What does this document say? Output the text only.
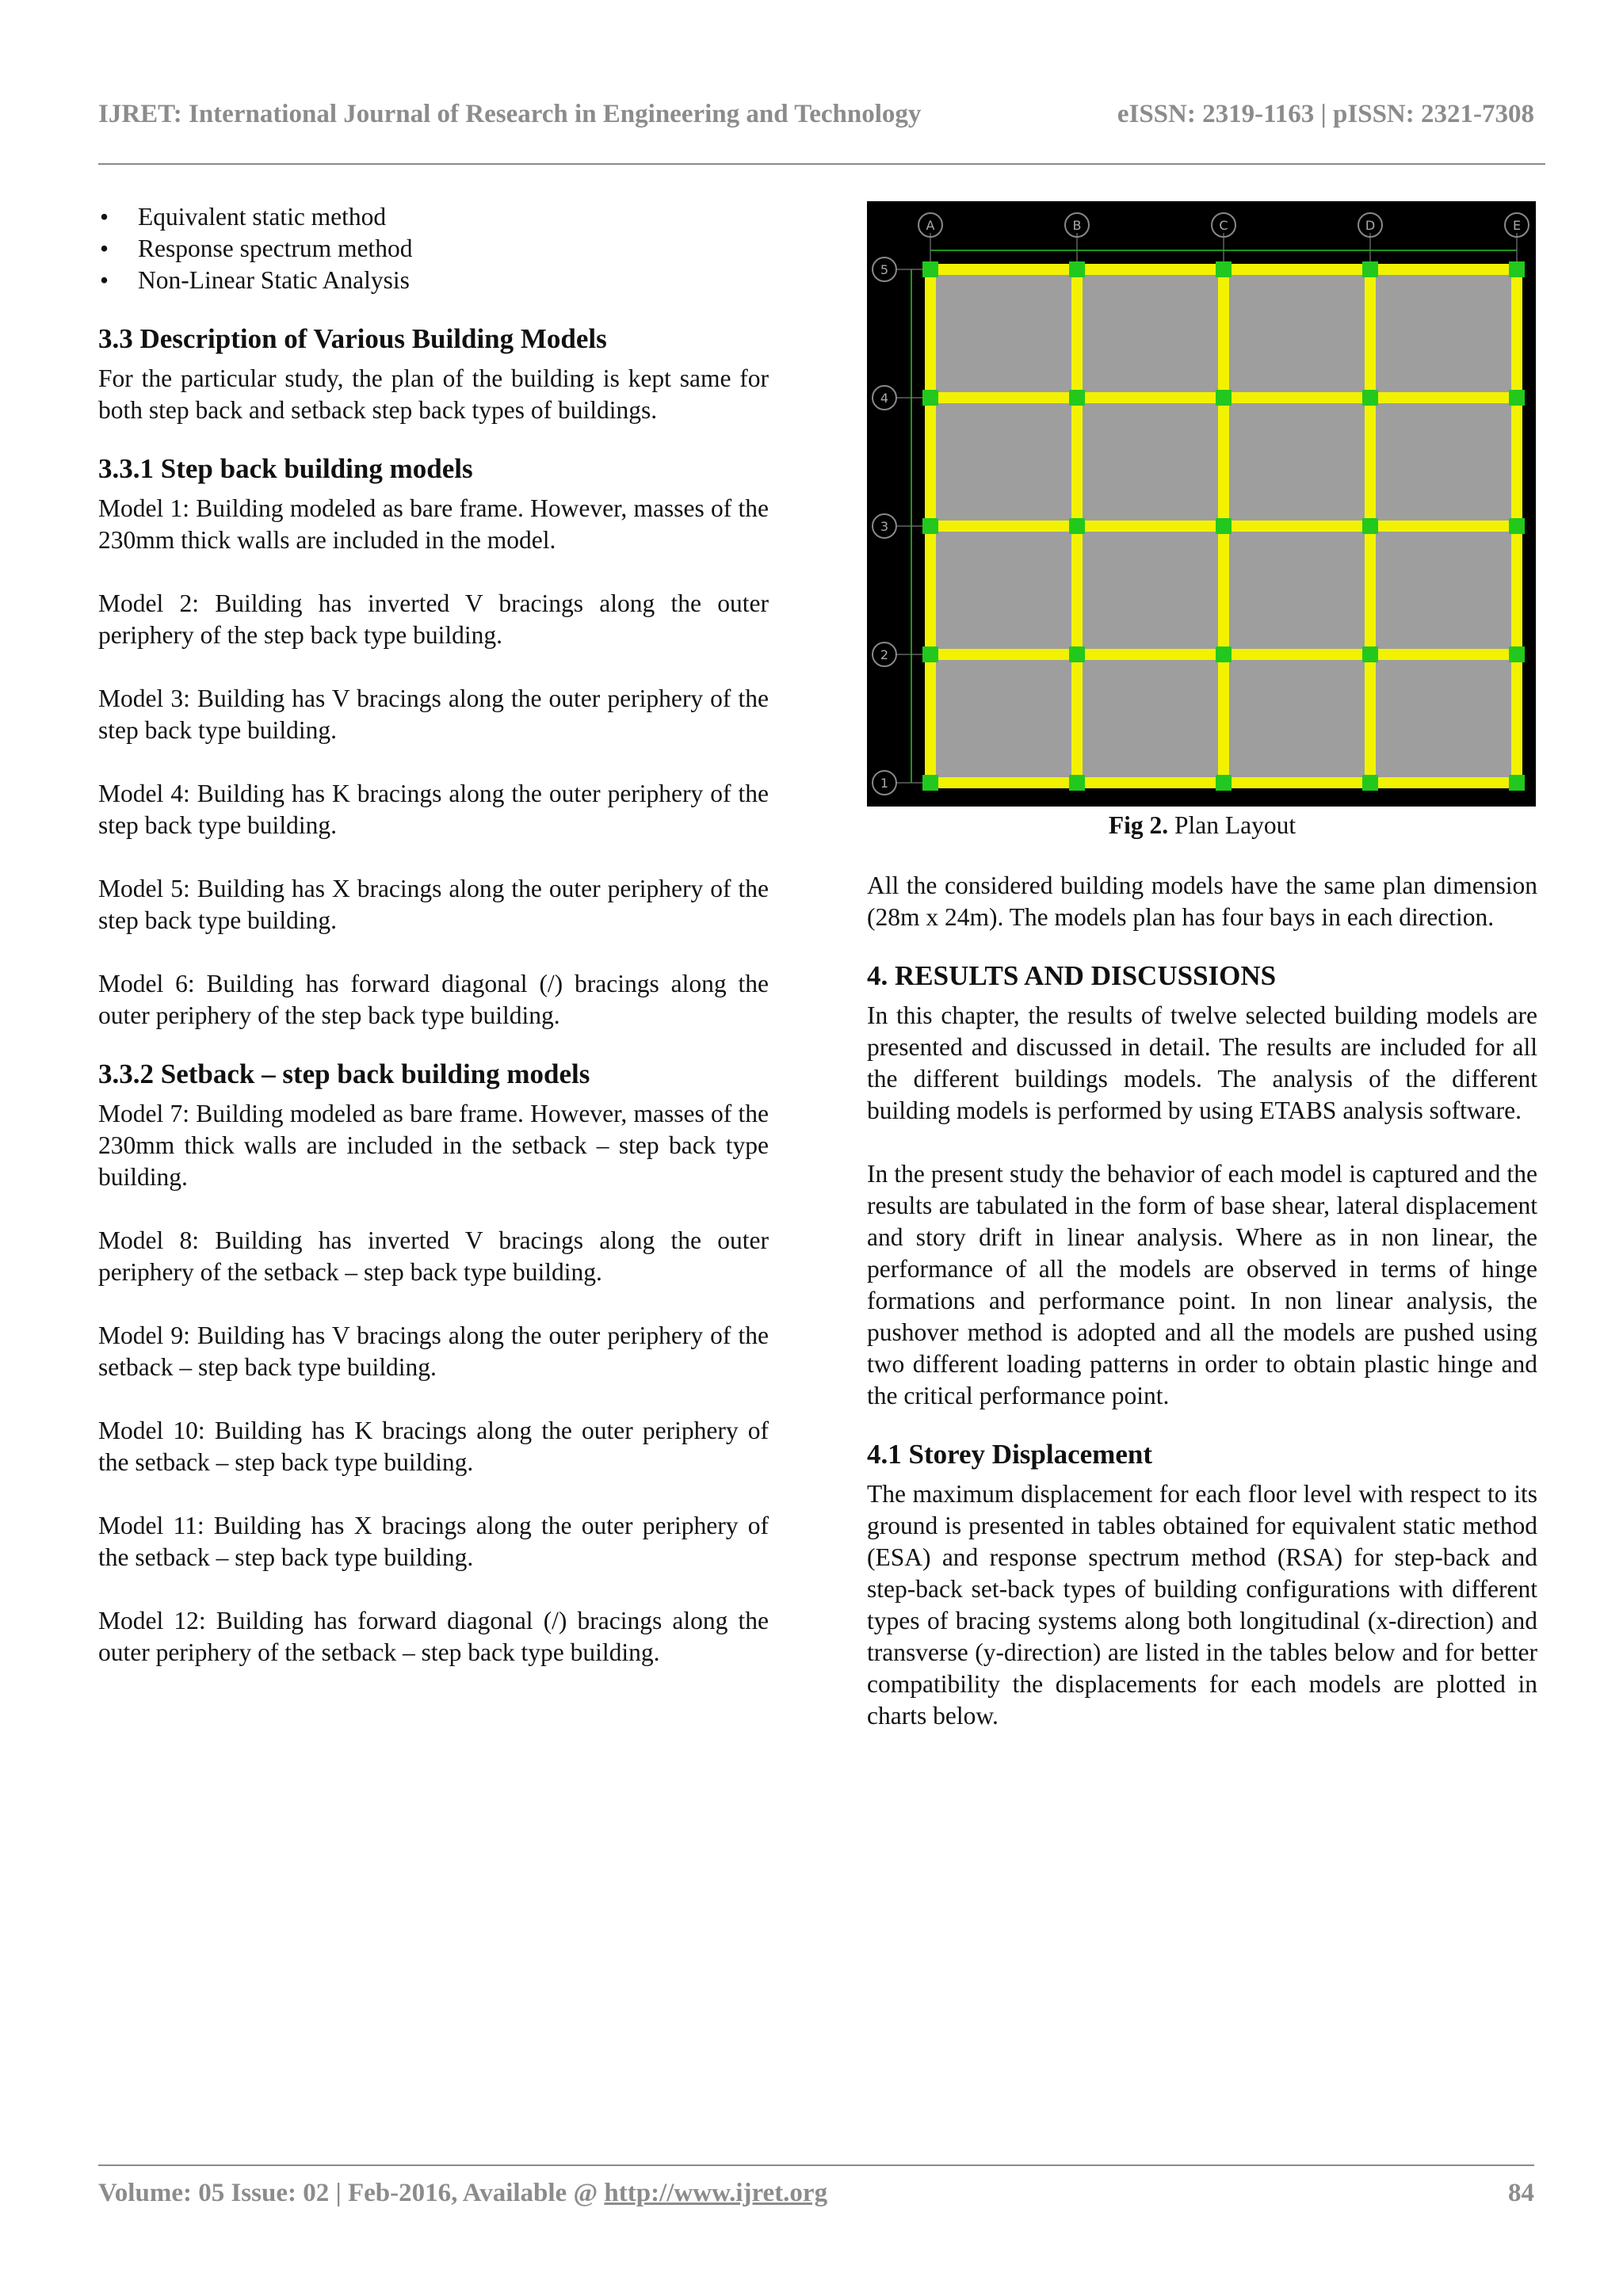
IJRET: International Journal of Research in Engineering and Technology	eISSN: 2319-1163 | pISSN: 2321-7308
• Equivalent static method
• Response spectrum method
• Non-Linear Static Analysis
3.3 Description of Various Building Models

For the particular study, the plan of the building is kept same for both step back and setback step back types of buildings.

3.3.1 Step back building models

Model 1: Building modeled as bare frame. However, masses of the 230mm thick walls are included in the model.

Model 2: Building has inverted V bracings along the outer periphery of the step back type building.

Model 3: Building has V bracings along the outer periphery of the step back type building.

Model 4: Building has K bracings along the outer periphery of the step back type building.

Model 5: Building has X bracings along the outer periphery of the step back type building.

Model 6: Building has forward diagonal (/) bracings along the outer periphery of the step back type building.

3.3.2 Setback – step back building models

Model 7: Building modeled as bare frame. However, masses of the 230mm thick walls are included in the setback – step back type building.

Model 8: Building has inverted V bracings along the outer periphery of the setback – step back type building.

Model 9: Building has V bracings along the outer periphery of the setback – step back type building.

Model 10: Building has K bracings along the outer periphery of the setback – step back type building.

Model 11: Building has X bracings along the outer periphery of the setback – step back type building.

Model 12: Building has forward diagonal (/) bracings along the outer periphery of the setback – step back type building.

A	B	C	D	E
5
4
3
2
1
Fig 2. Plan Layout

All the considered building models have the same plan dimension (28m x 24m). The models plan has four bays in each direction.

4. RESULTS AND DISCUSSIONS

In this chapter, the results of twelve selected building models are presented and discussed in detail. The results are included for all the different buildings models. The analysis of the different building models is performed by using ETABS analysis software.

In the present study the behavior of each model is captured and the results are tabulated in the form of base shear, lateral displacement and story drift in linear analysis. Where as in non linear, the performance of all the models are observed in terms of hinge formations and performance point. In non linear analysis, the pushover method is adopted and all the models are pushed using two different loading patterns in order to obtain plastic hinge and the critical performance point.

4.1 Storey Displacement

The maximum displacement for each floor level with respect to its ground is presented in tables obtained for equivalent static method (ESA) and response spectrum method (RSA) for step-back and step-back set-back types of building configurations with different types of bracing systems along both longitudinal (x-direction) and transverse (y-direction) are listed in the tables below and for better compatibility the displacements for each models are plotted in charts below.

Volume: 05 Issue: 02 | Feb-2016, Available @ http://www.ijret.org	84
